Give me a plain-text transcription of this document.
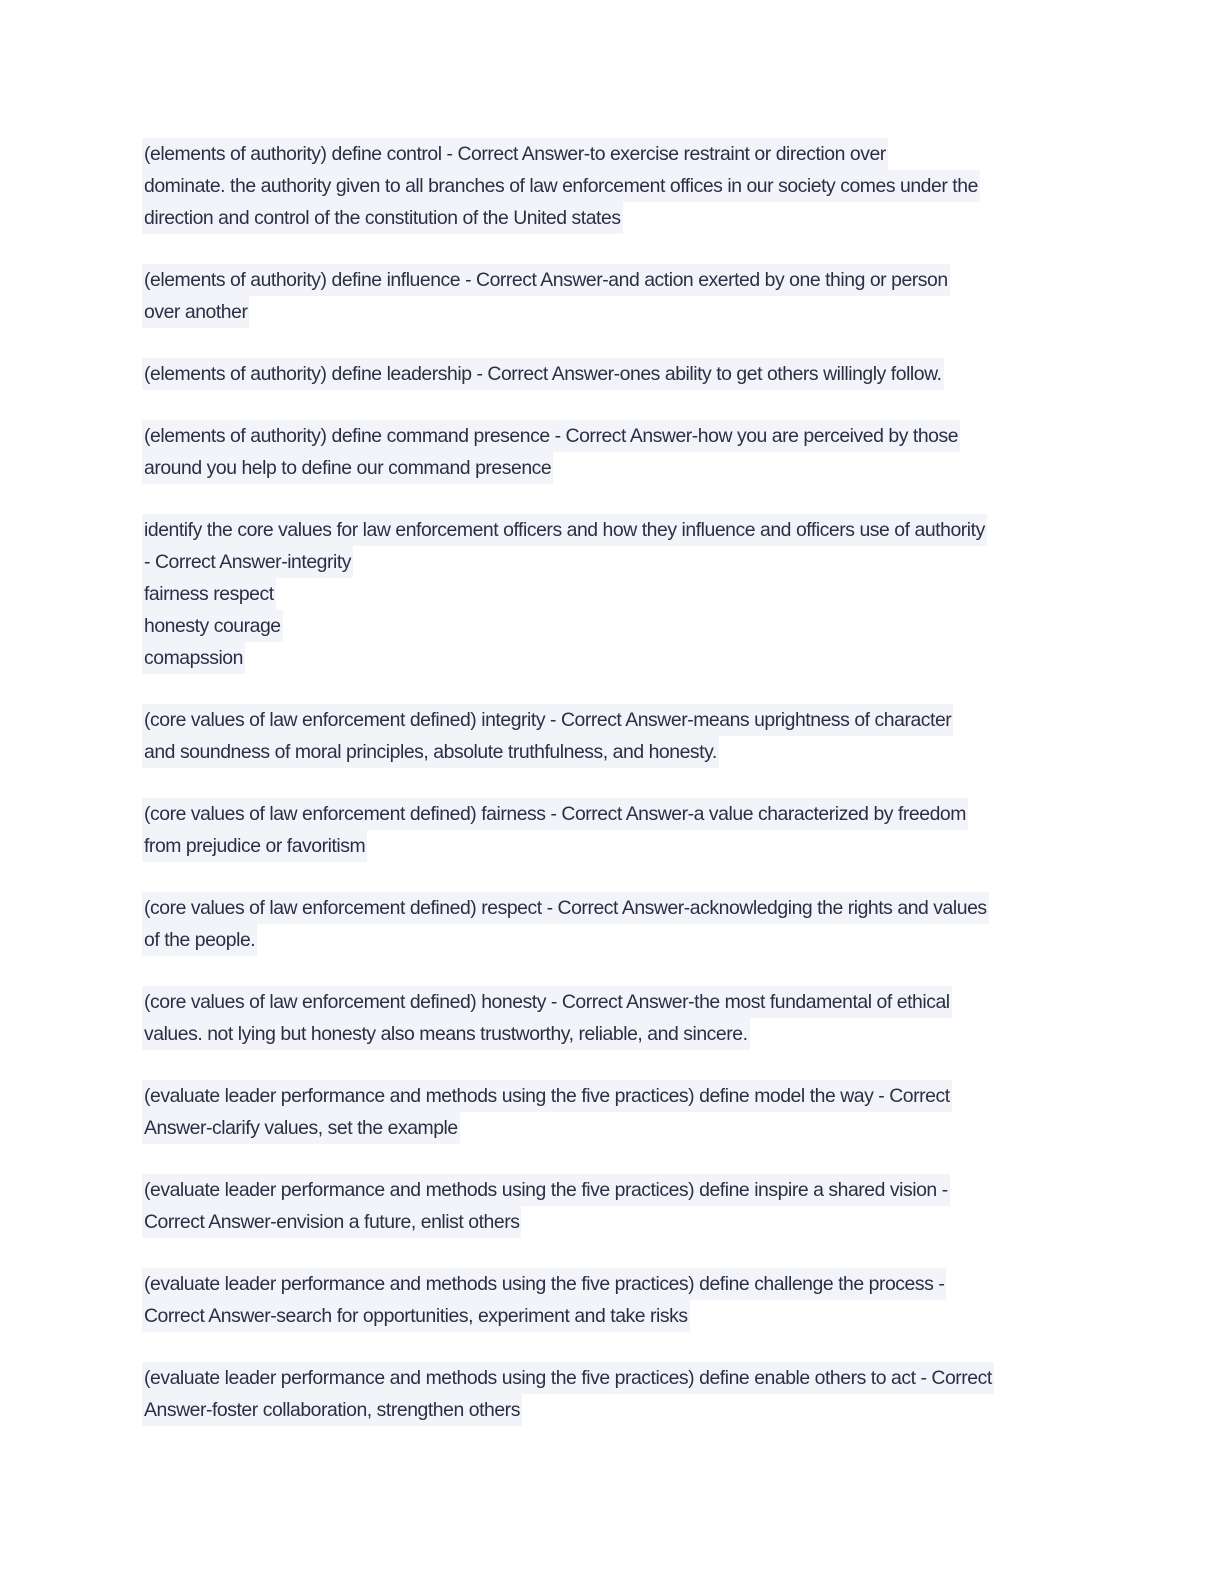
(elements of authority) define control - Correct Answer-to exercise restraint or direction over
dominate. the authority given to all branches of law enforcement offices in our society comes under the
direction and control of the constitution of the United states
(elements of authority) define influence - Correct Answer-and action exerted by one thing or person
over another
(elements of authority) define leadership - Correct Answer-ones ability to get others willingly follow.
(elements of authority) define command presence - Correct Answer-how you are perceived by those
around you help to define our command presence
identify the core values for law enforcement officers and how they influence and officers use of authority
- Correct Answer-integrity
fairness respect
honesty courage
comapssion
(core values of law enforcement defined) integrity - Correct Answer-means uprightness of character
and soundness of moral principles, absolute truthfulness, and honesty.
(core values of law enforcement defined) fairness - Correct Answer-a value characterized by freedom
from prejudice or favoritism
(core values of law enforcement defined) respect - Correct Answer-acknowledging the rights and values
of the people.
(core values of law enforcement defined) honesty - Correct Answer-the most fundamental of ethical
values. not lying but honesty also means trustworthy, reliable, and sincere.
(evaluate leader performance and methods using the five practices) define model the way - Correct
Answer-clarify values, set the example
(evaluate leader performance and methods using the five practices) define inspire a shared vision -
Correct Answer-envision a future, enlist others
(evaluate leader performance and methods using the five practices) define challenge the process -
Correct Answer-search for opportunities, experiment and take risks
(evaluate leader performance and methods using the five practices) define enable others to act - Correct
Answer-foster collaboration, strengthen others
